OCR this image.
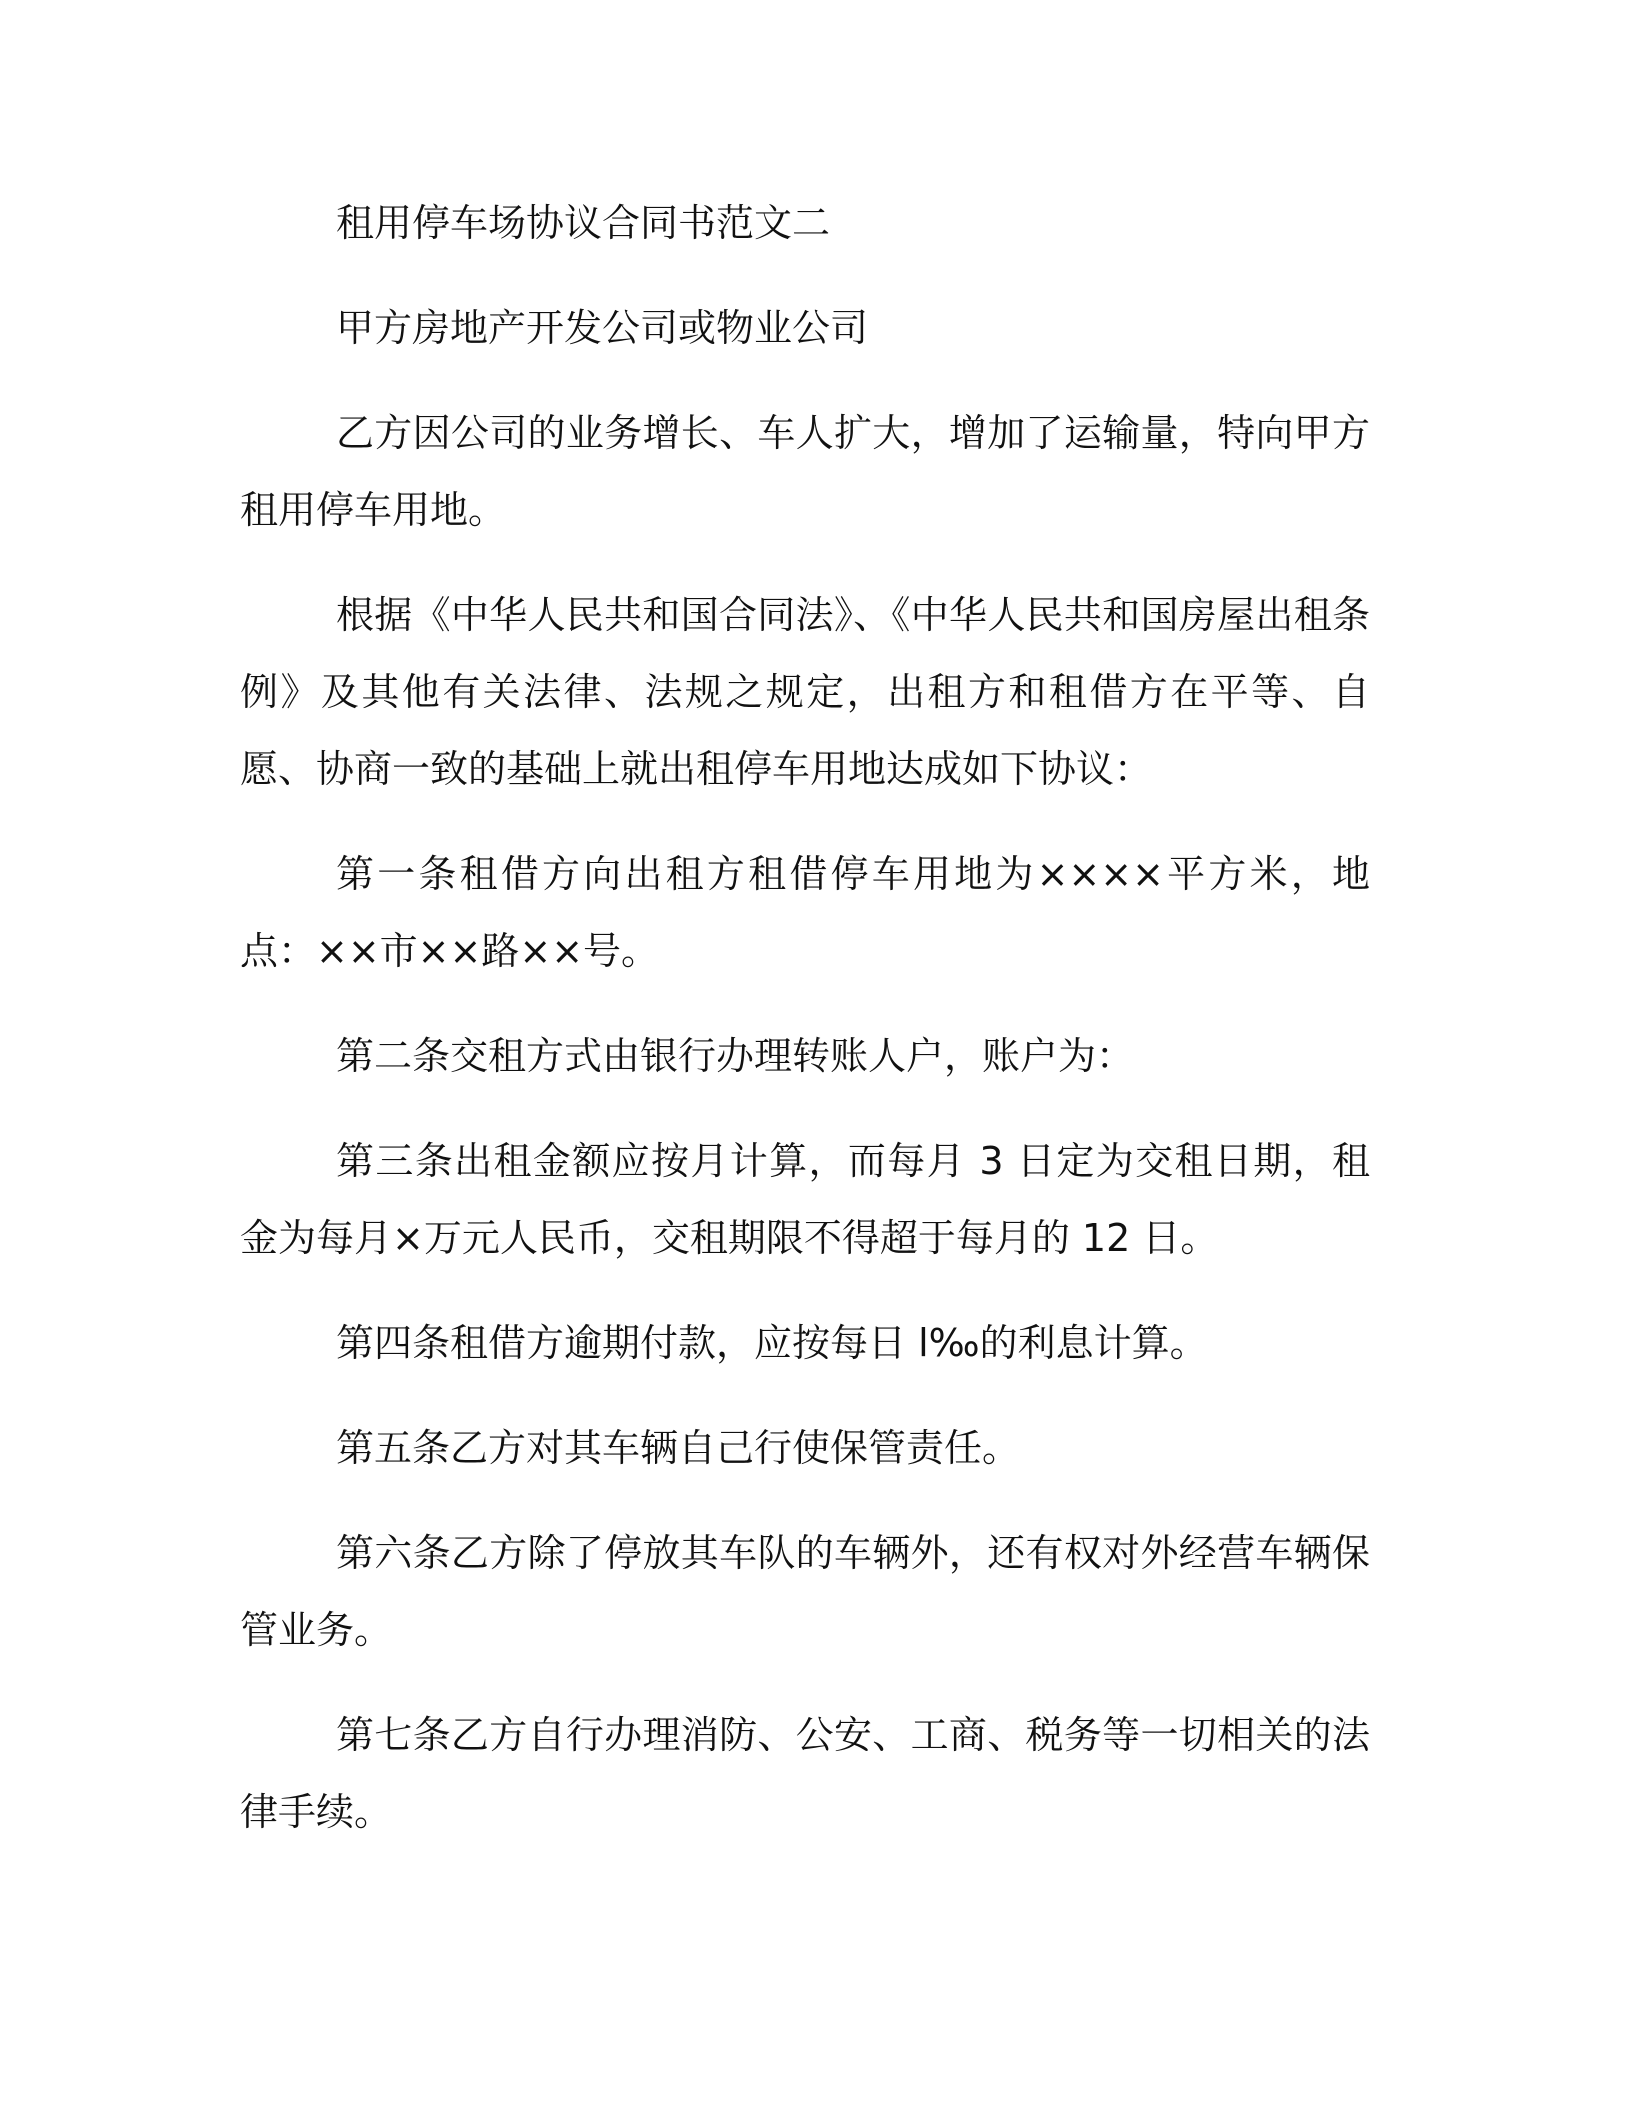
租用停车场协议合同书范文二

甲方房地产开发公司或物业公司

乙方因公司的业务增长、车人扩大，增加了运输量，特向甲方租用停车用地。

根据《中华人民共和国合同法》、《中华人民共和国房屋出租条例》及其他有关法律、法规之规定，出租方和租借方在平等、自愿、协商一致的基础上就出租停车用地达成如下协议：

第一条租借方向出租方租借停车用地为××××平方米，地点：××市××路××号。

第二条交租方式由银行办理转账人户，账户为：

第三条出租金额应按月计算，而每月 3 日定为交租日期，租金为每月×万元人民币，交租期限不得超于每月的 12 日。

第四条租借方逾期付款，应按每日 l‰的利息计算。

第五条乙方对其车辆自己行使保管责任。

第六条乙方除了停放其车队的车辆外，还有权对外经营车辆保管业务。

第七条乙方自行办理消防、公安、工商、税务等一切相关的法律手续。
